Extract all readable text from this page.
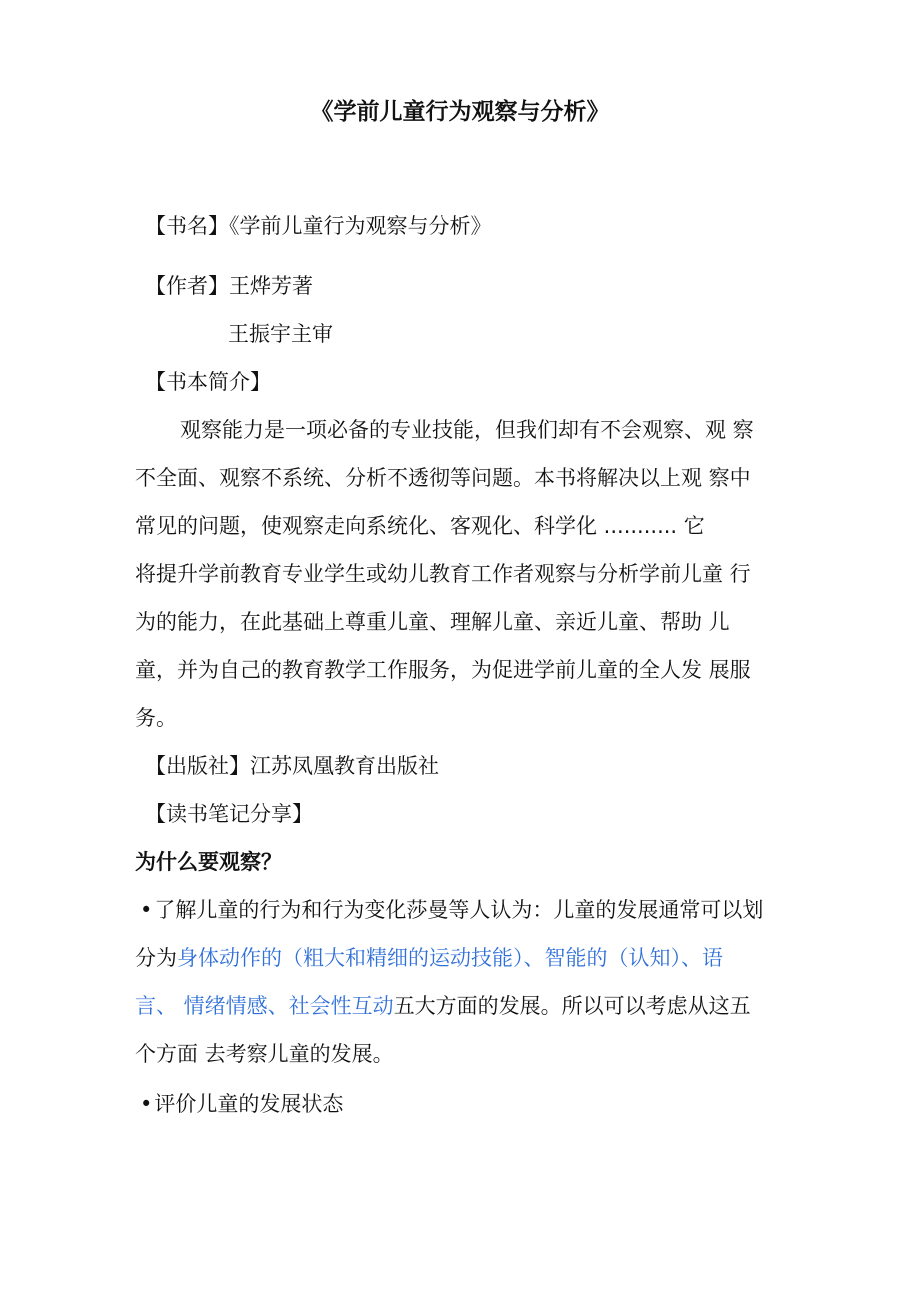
《学前儿童行为观察与分析》

【书名】《学前儿童行为观察与分析》

【作者】王烨芳著

王振宇主审

【书本简介】

观察能力是一项必备的专业技能，但我们却有不会观察、观 察

不全面、观察不系统、分析不透彻等问题。本书将解决以上观 察中

常见的问题，使观察走向系统化、客观化、科学化 ........... 它

将提升学前教育专业学生或幼儿教育工作者观察与分析学前儿童 行

为的能力，在此基础上尊重儿童、理解儿童、亲近儿童、帮助 儿

童，并为自己的教育教学工作服务，为促进学前儿童的全人发 展服

务。

【出版社】江苏凤凰教育出版社

【读书笔记分享】

为什么要观察？

•了解儿童的行为和行为变化莎曼等人认为：儿童的发展通常可以划

分为身体动作的（粗大和精细的运动技能）、智能的（认知）、语

言、 情绪情感、社会性互动五大方面的发展。所以可以考虑从这五

个方面 去考察儿童的发展。

•评价儿童的发展状态
